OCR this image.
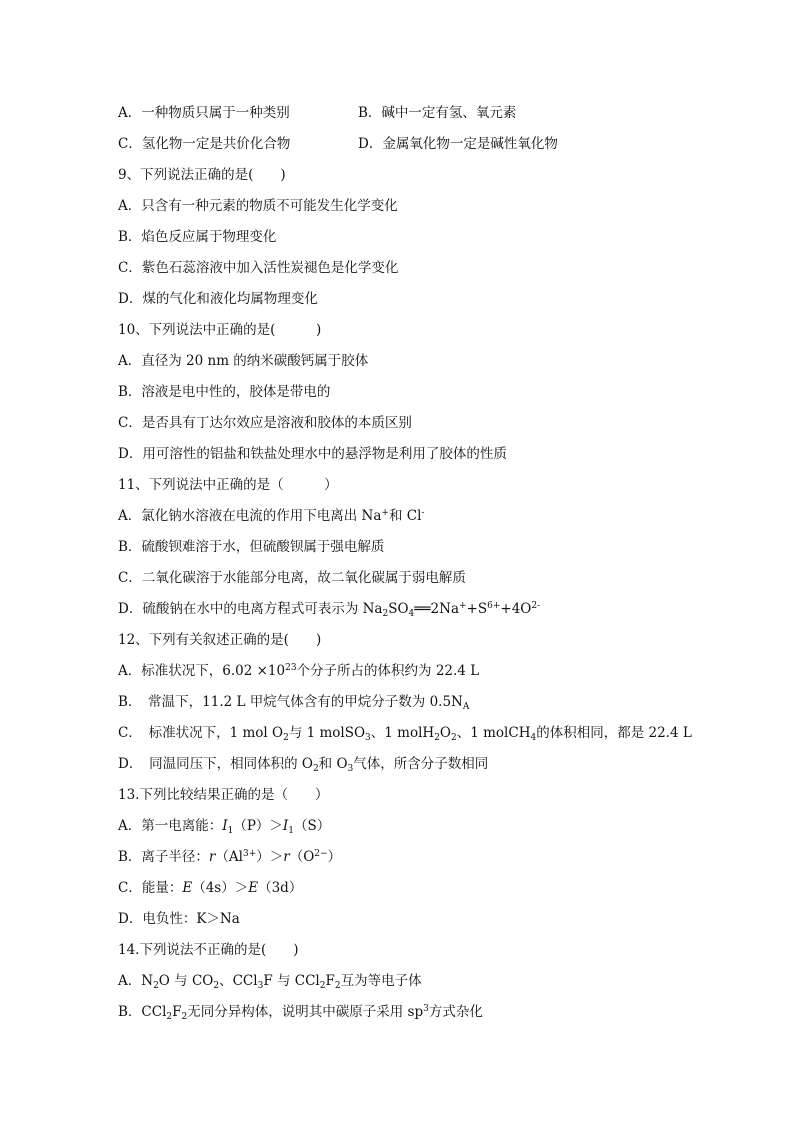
A．一种物质只属于一种类别	B．碱中一定有氢、氧元素
C．氢化物一定是共价化合物	D．金属氧化物一定是碱性氧化物
9、下列说法正确的是(　　)
A．只含有一种元素的物质不可能发生化学变化
B．焰色反应属于物理变化
C．紫色石蕊溶液中加入活性炭褪色是化学变化
D．煤的气化和液化均属物理变化
10、下列说法中正确的是(　　　)
A．直径为 20 nm 的纳米碳酸钙属于胶体
B．溶液是电中性的，胶体是带电的
C．是否具有丁达尔效应是溶液和胶体的本质区别
D．用可溶性的铝盐和铁盐处理水中的悬浮物是利用了胶体的性质
11、下列说法中正确的是（　　　）
A．氯化钠水溶液在电流的作用下电离出 Na+和 Cl-
B．硫酸钡难溶于水，但硫酸钡属于强电解质
C．二氧化碳溶于水能部分电离，故二氧化碳属于弱电解质
D．硫酸钠在水中的电离方程式可表示为 $Na_2SO_4══2Na^++S^{6+}+4O^{2-}$
12、下列有关叙述正确的是(　　)
A．标准状况下，$6.02 \times 10^{23}$个分子所占的体积约为 22.4 L
B．　常温下，11.2 L 甲烷气体含有的甲烷分子数为 $0.5N_A$
C．　标准状况下，1 mol $O_2$与 1 molSO$_3$、1 $molH_2O_2$、1 molCH$_4$的体积相同，都是 22.4 L
D．　同温同压下，相同体积的 $O_2$和 $O_3$气体，所含分子数相同
13.下列比较结果正确的是（　　）
A．第一电离能：$I_1(P)>I_1(S)$
B．离子半径：$r(Al^{3+})>r(O^{2-})$
C．能量：E（4s）＞E（3d）
D．电负性：K＞Na
14.下列说法不正确的是(　　)
A．$N_2O$ 与 $CO_2$、CCl$_3$F 与 $CCl_2F_2$互为等电子体
B．$CCl_2F_2$无同分异构体，说明其中碳原子采用 $sp^3$方式杂化
